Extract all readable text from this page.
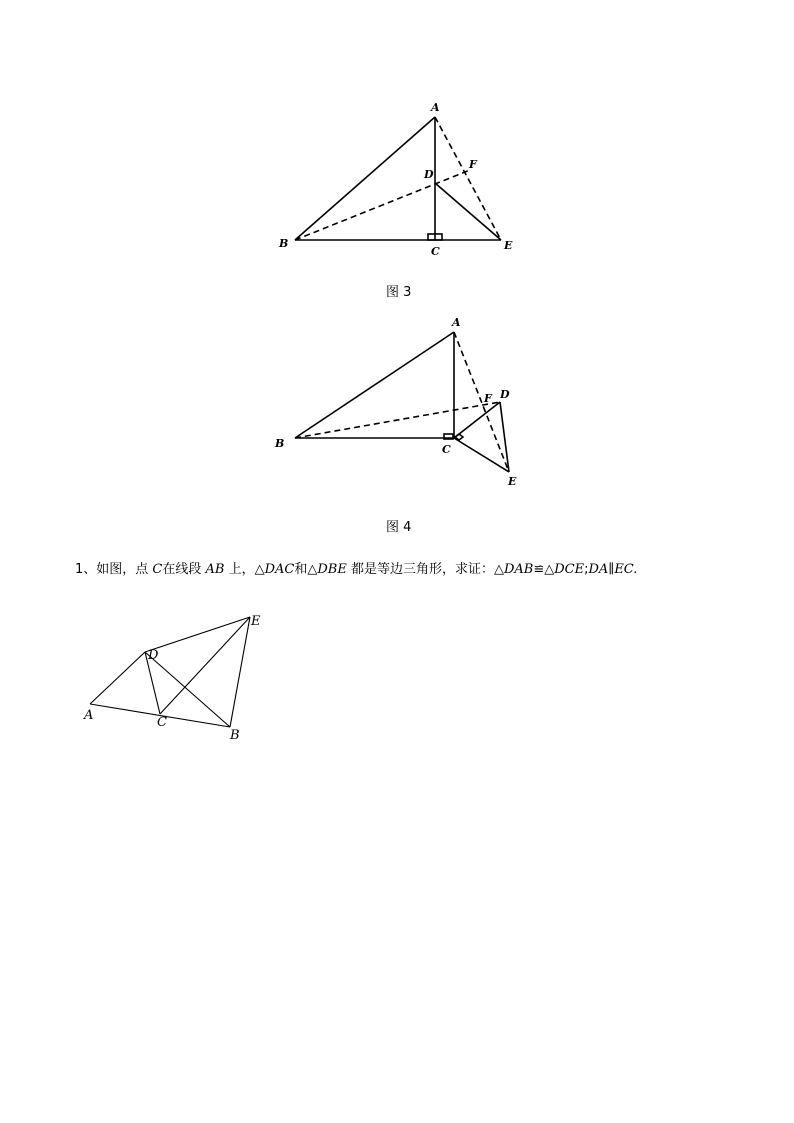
A
B
C
D
E
F
图 3
A
B	C
D
E
F
图 4
1、如图，点 C在线段 AB 上，△DAC和△DBE 都是等边三角形，求证：△DAB≌△DCE;DA∥EC.
A
B
C
D
E
